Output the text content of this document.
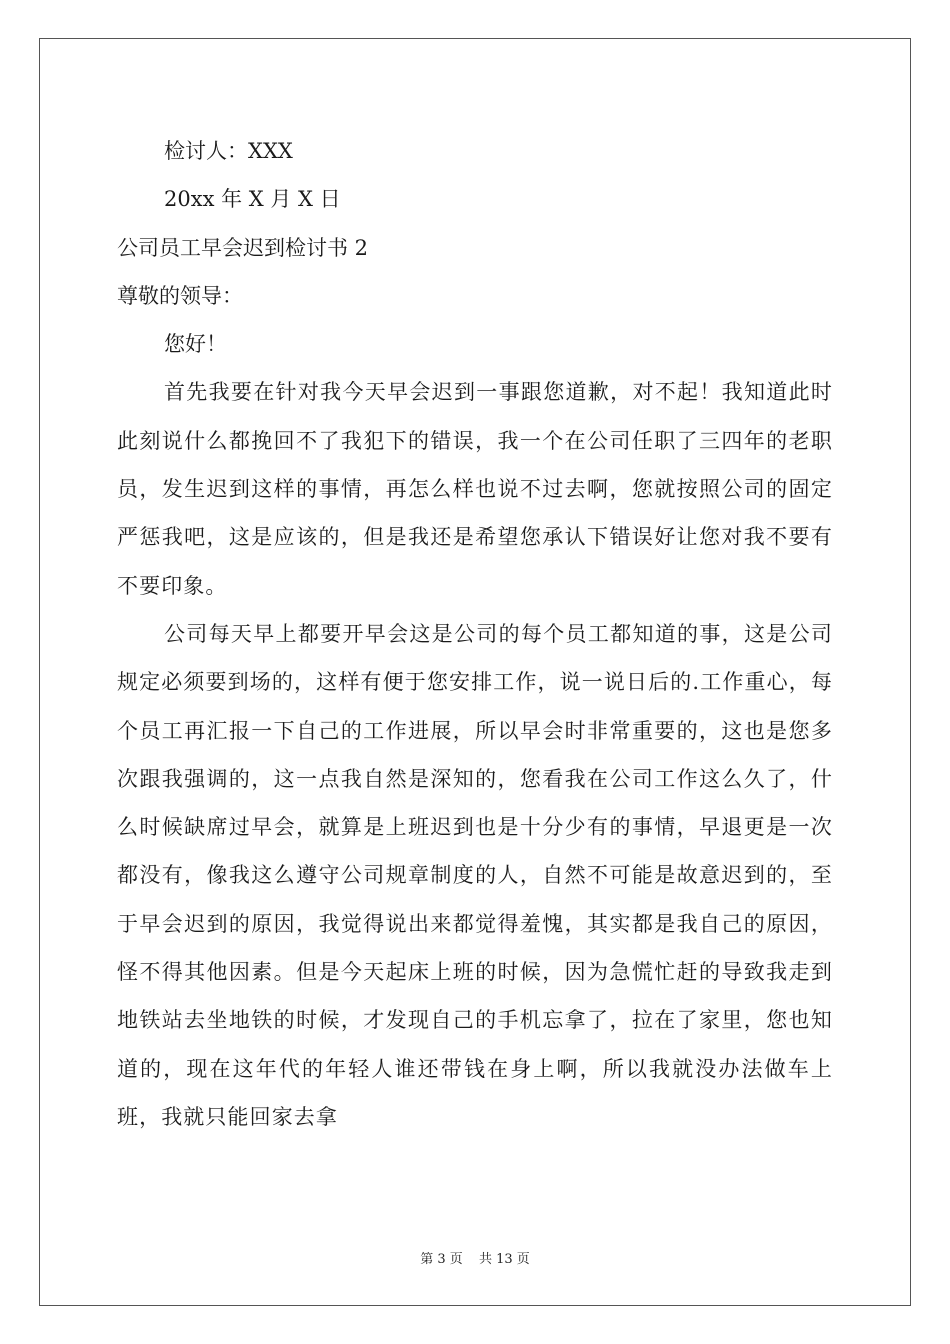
检讨人：XXX
20xx 年 X 月 X 日
公司员工早会迟到检讨书 2
尊敬的领导：
您好！

首先我要在针对我今天早会迟到一事跟您道歉，对不起！我知道此时此刻说什么都挽回不了我犯下的错误，我一个在公司任职了三四年的老职员，发生迟到这样的事情，再怎么样也说不过去啊，您就按照公司的固定严惩我吧，这是应该的，但是我还是希望您承认下错误好让您对我不要有不要印象。

公司每天早上都要开早会这是公司的每个员工都知道的事，这是公司规定必须要到场的，这样有便于您安排工作，说一说日后的.工作重心，每个员工再汇报一下自己的工作进展，所以早会时非常重要的，这也是您多次跟我强调的，这一点我自然是深知的，您看我在公司工作这么久了，什么时候缺席过早会，就算是上班迟到也是十分少有的事情，早退更是一次都没有，像我这么遵守公司规章制度的人，自然不可能是故意迟到的，至于早会迟到的原因，我觉得说出来都觉得羞愧，其实都是我自己的原因，怪不得其他因素。但是今天起床上班的时候，因为急慌忙赶的导致我走到地铁站去坐地铁的时候，才发现自己的手机忘拿了，拉在了家里，您也知道的，现在这年代的年轻人谁还带钱在身上啊，所以我就没办法做车上班，我就只能回家去拿

第 3 页 共 13 页
